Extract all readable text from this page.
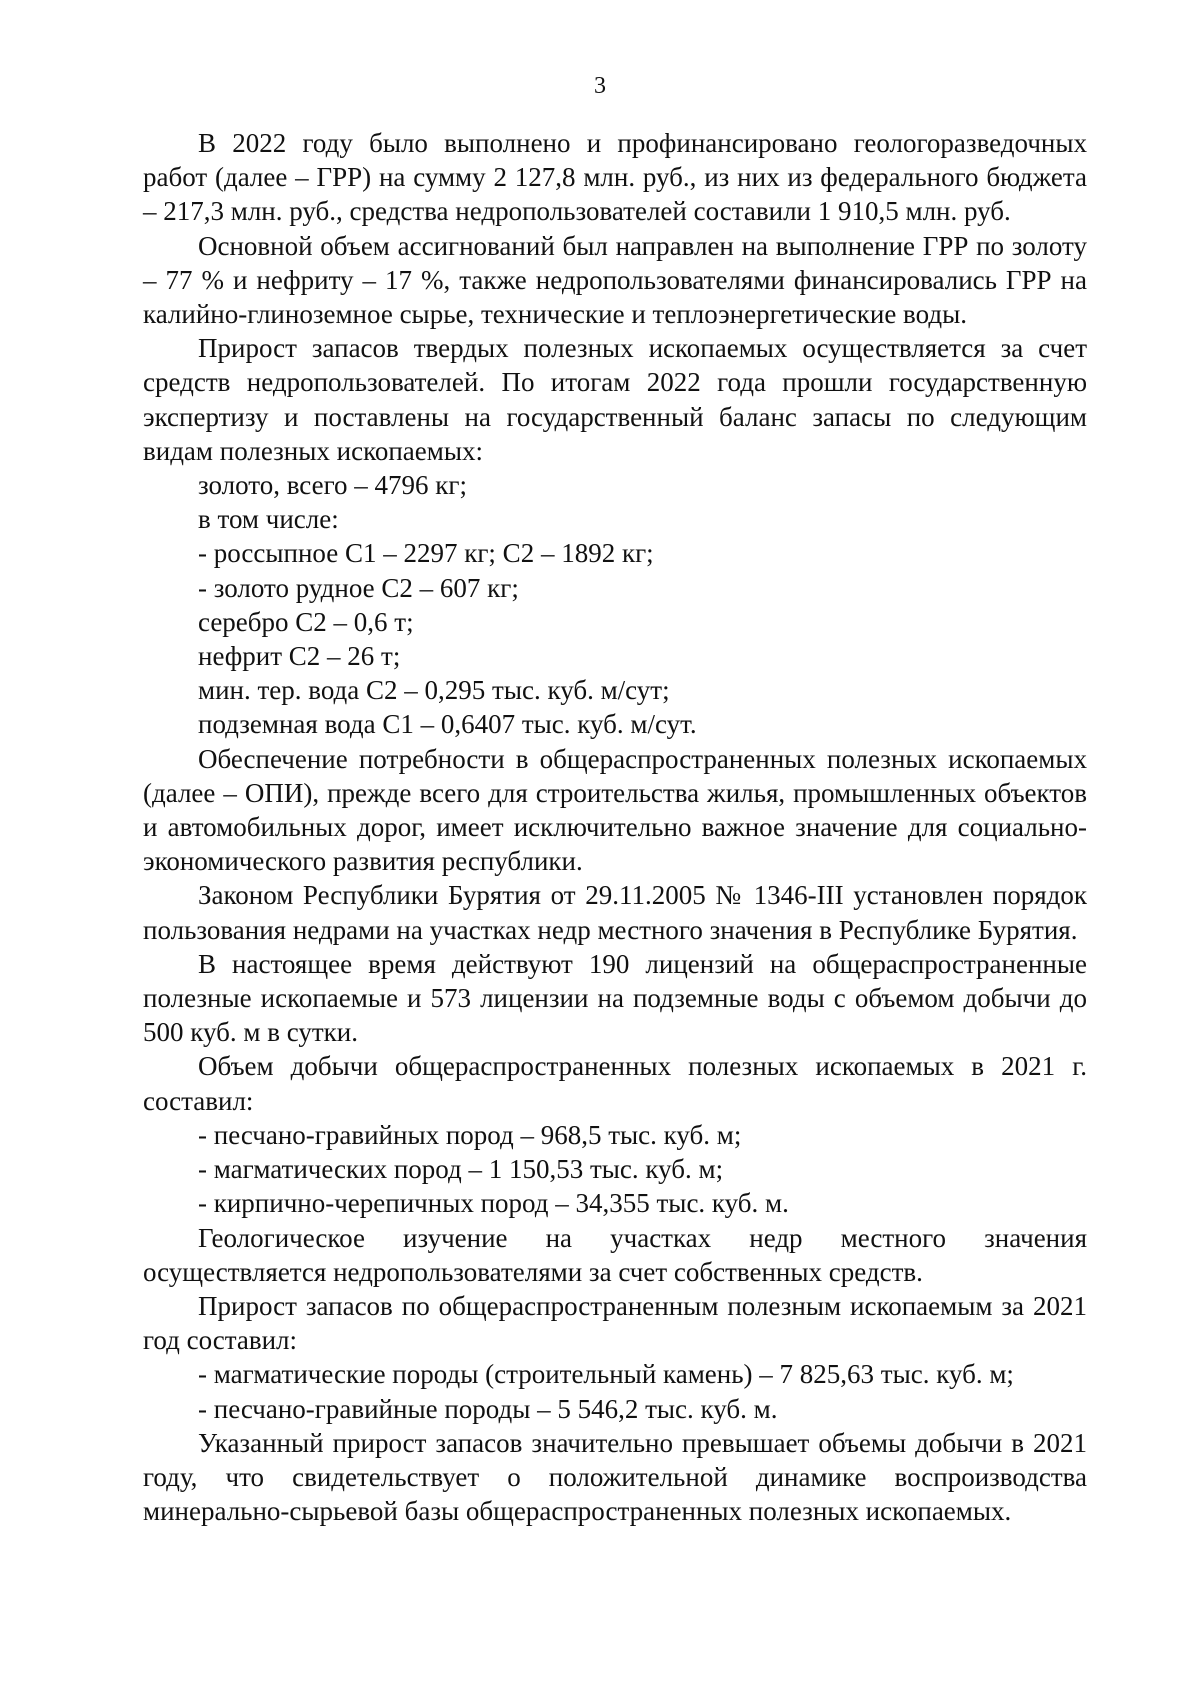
3

В 2022 году было выполнено и профинансировано геологоразведочных работ (далее – ГРР) на сумму 2 127,8 млн. руб., из них из федерального бюджета – 217,3 млн. руб., средства недропользователей составили 1 910,5 млн. руб.

Основной объем ассигнований был направлен на выполнение ГРР по золоту – 77 % и нефриту – 17 %, также недропользователями финансировались ГРР на калийно-глиноземное сырье, технические и теплоэнергетические воды.

Прирост запасов твердых полезных ископаемых осуществляется за счет средств недропользователей. По итогам 2022 года прошли государственную экспертизу и поставлены на государственный баланс запасы по следующим видам полезных ископаемых:

золото, всего – 4796 кг;

в том числе:

- россыпное С1 – 2297 кг; С2 – 1892 кг;

- золото рудное С2 – 607 кг;

серебро С2 – 0,6 т;

нефрит С2 – 26 т;

мин. тер. вода С2 – 0,295 тыс. куб. м/сут;

подземная вода С1 – 0,6407 тыс. куб. м/сут.

Обеспечение потребности в общераспространенных полезных ископаемых (далее – ОПИ), прежде всего для строительства жилья, промышленных объектов и автомобильных дорог, имеет исключительно важное значение для социально-экономического развития республики.

Законом Республики Бурятия от 29.11.2005 № 1346-III установлен порядок пользования недрами на участках недр местного значения в Республике Бурятия.

В настоящее время действуют 190 лицензий на общераспространенные полезные ископаемые и 573 лицензии на подземные воды с объемом добычи до 500 куб. м в сутки.

Объем добычи общераспространенных полезных ископаемых в 2021 г. составил:

- песчано-гравийных пород – 968,5 тыс. куб. м;

- магматических пород – 1 150,53 тыс. куб. м;

- кирпично-черепичных пород – 34,355 тыс. куб. м.

Геологическое изучение на участках недр местного значения осуществляется недропользователями за счет собственных средств.

Прирост запасов по общераспространенным полезным ископаемым за 2021 год составил:

- магматические породы (строительный камень) – 7 825,63 тыс. куб. м;

- песчано-гравийные породы – 5 546,2 тыс. куб. м.

Указанный прирост запасов значительно превышает объемы добычи в 2021 году, что свидетельствует о положительной динамике воспроизводства минерально-сырьевой базы общераспространенных полезных ископаемых.
